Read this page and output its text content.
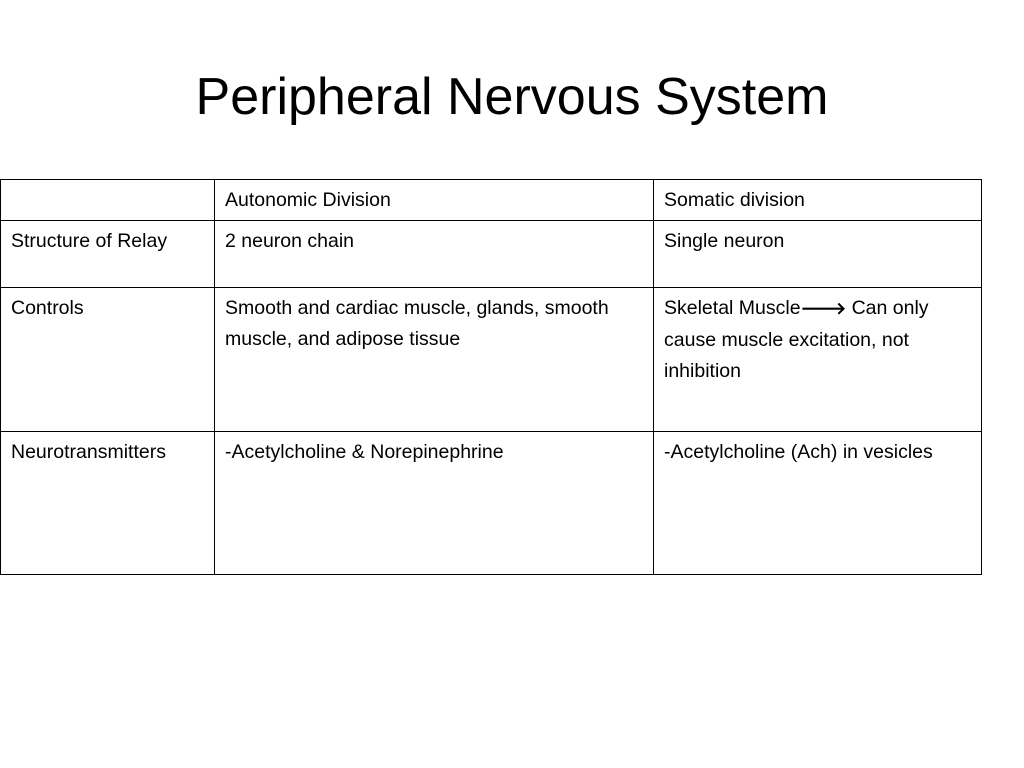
Peripheral Nervous System
	Autonomic Division	Somatic division
Structure of Relay	2 neuron chain	Single neuron
Controls	Smooth and cardiac muscle, glands, smooth muscle, and adipose tissue	Skeletal Muscle🡒 Can only cause muscle excitation, not inhibition
Neurotransmitters	-Acetylcholine & Norepinephrine	-Acetylcholine (Ach) in vesicles
